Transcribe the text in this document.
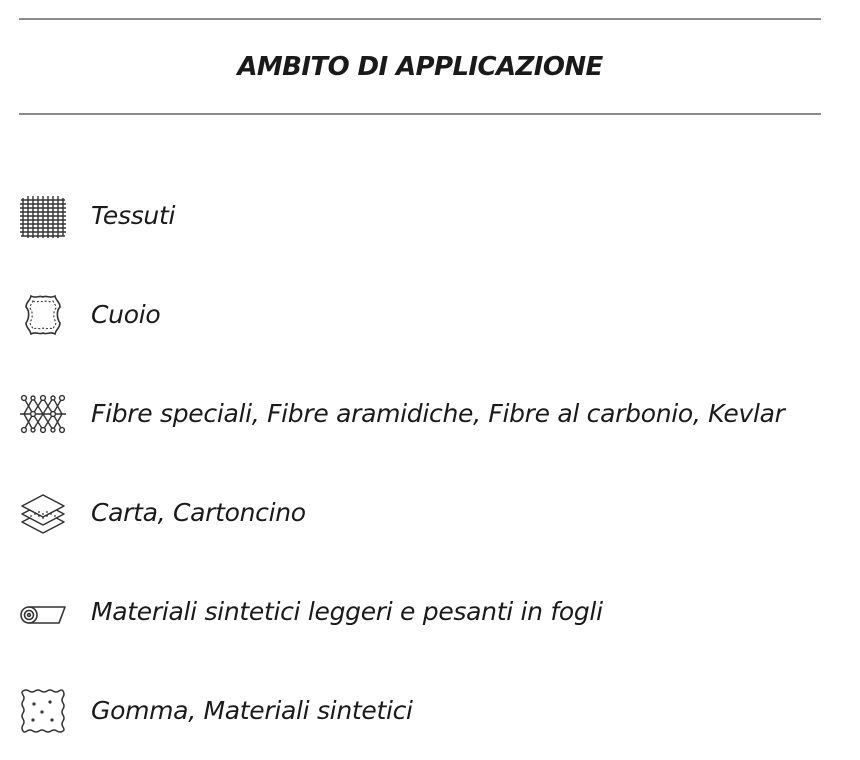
AMBITO DI APPLICAZIONE
Tessuti
Cuoio
Fibre speciali, Fibre aramidiche, Fibre al carbonio, Kevlar
Carta, Cartoncino
Materiali sintetici leggeri e pesanti in fogli
Gomma, Materiali sintetici
